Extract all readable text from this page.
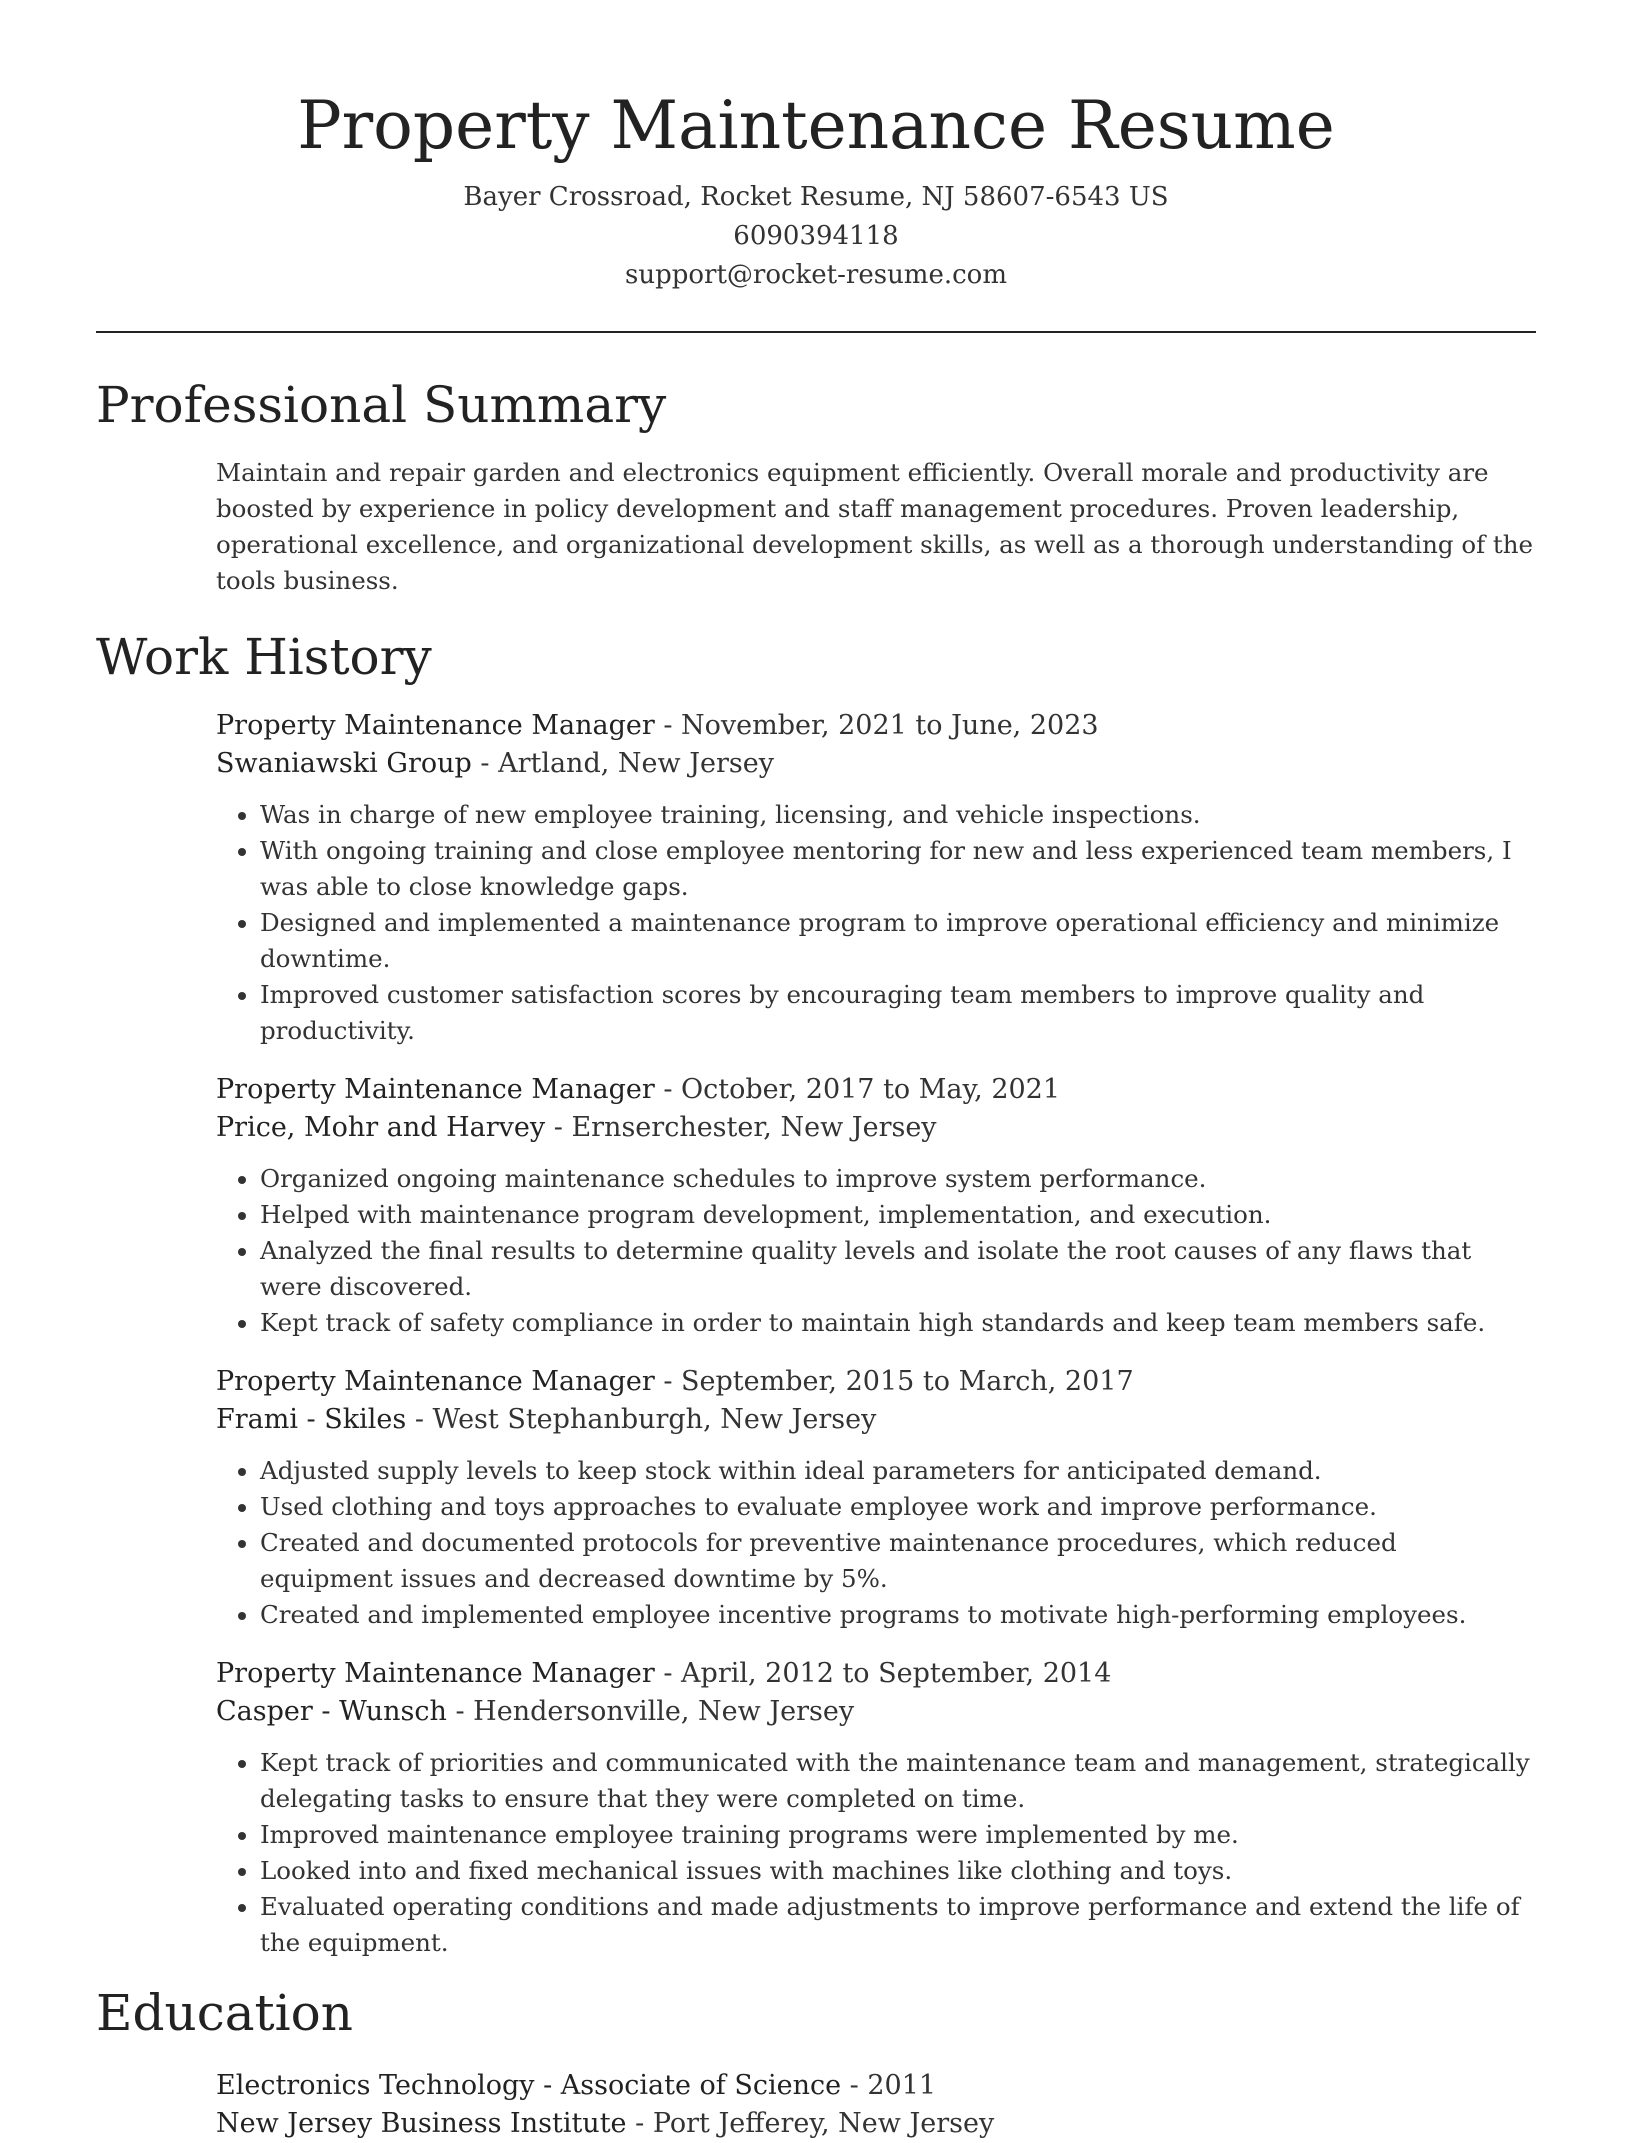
Property Maintenance Resume
Bayer Crossroad, Rocket Resume, NJ 58607-6543 US
6090394118
support@rocket-resume.com
Professional Summary

Maintain and repair garden and electronics equipment efficiently. Overall morale and productivity are boosted by experience in policy development and staff management procedures. Proven leadership, operational excellence, and organizational development skills, as well as a thorough understanding of the tools business.

Work History
Property Maintenance Manager - November, 2021 to June, 2023
Swaniawski Group - Artland, New Jersey
• Was in charge of new employee training, licensing, and vehicle inspections.
• With ongoing training and close employee mentoring for new and less experienced team members, I was able to close knowledge gaps.
• Designed and implemented a maintenance program to improve operational efficiency and minimize downtime.
• Improved customer satisfaction scores by encouraging team members to improve quality and productivity.
Property Maintenance Manager - October, 2017 to May, 2021
Price, Mohr and Harvey - Ernserchester, New Jersey
• Organized ongoing maintenance schedules to improve system performance.
• Helped with maintenance program development, implementation, and execution.
• Analyzed the final results to determine quality levels and isolate the root causes of any flaws that were discovered.
• Kept track of safety compliance in order to maintain high standards and keep team members safe.
Property Maintenance Manager - September, 2015 to March, 2017
Frami - Skiles - West Stephanburgh, New Jersey
• Adjusted supply levels to keep stock within ideal parameters for anticipated demand.
• Used clothing and toys approaches to evaluate employee work and improve performance.
• Created and documented protocols for preventive maintenance procedures, which reduced equipment issues and decreased downtime by 5%.
• Created and implemented employee incentive programs to motivate high-performing employees.
Property Maintenance Manager - April, 2012 to September, 2014
Casper - Wunsch - Hendersonville, New Jersey
• Kept track of priorities and communicated with the maintenance team and management, strategically delegating tasks to ensure that they were completed on time.
• Improved maintenance employee training programs were implemented by me.
• Looked into and fixed mechanical issues with machines like clothing and toys.
• Evaluated operating conditions and made adjustments to improve performance and extend the life of the equipment.
Education
Electronics Technology - Associate of Science - 2011
New Jersey Business Institute - Port Jefferey, New Jersey
